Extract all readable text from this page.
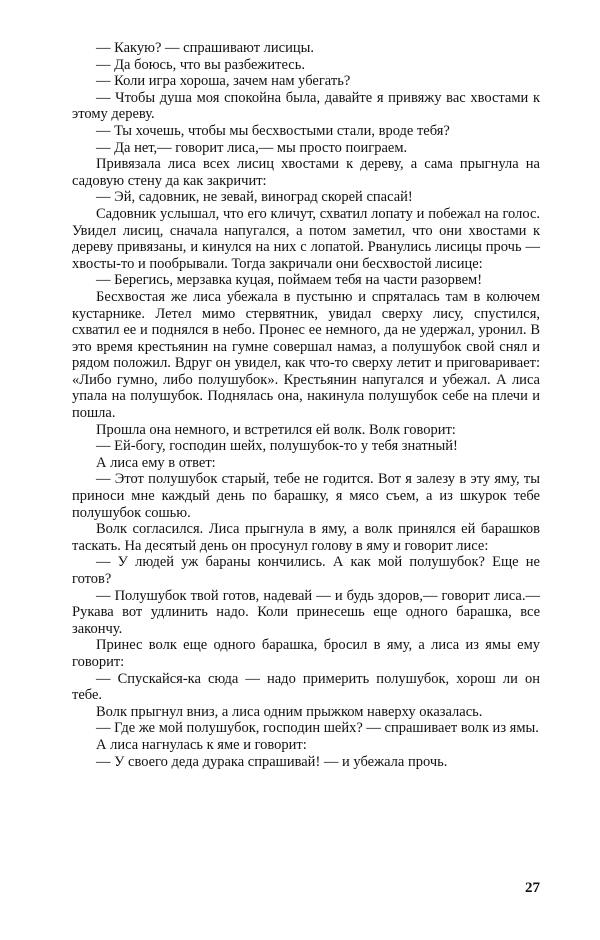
— Какую? — спрашивают лисицы.

— Да боюсь, что вы разбежитесь.

— Коли игра хороша, зачем нам убегать?

— Чтобы душа моя спокойна была, давайте я привяжу вас хвостами к этому дереву.

— Ты хочешь, чтобы мы бесхвостыми стали, вроде тебя?

— Да нет,— говорит лиса,— мы просто поиграем.

Привязала лиса всех лисиц хвостами к дереву, а сама прыгнула на садовую стену да как закричит:

— Эй, садовник, не зевай, виноград скорей спасай!

Садовник услышал, что его кличут, схватил лопату и побежал на голос. Увидел лисиц, сначала напугался, а потом заметил, что они хвостами к дереву привязаны, и кинулся на них с лопатой. Рванулись лисицы прочь — хвосты-то и пообрывали. Тогда закричали они бесхвостой лисице:

— Берегись, мерзавка куцая, поймаем тебя на части разорвем!

Бесхвостая же лиса убежала в пустыню и спряталась там в колючем кустарнике. Летел мимо стервятник, увидал сверху лису, спустился, схватил ее и поднялся в небо. Пронес ее немного, да не удержал, уронил. В это время крестьянин на гумне совершал намаз, а полушубок свой снял и рядом положил. Вдруг он увидел, как что-то сверху летит и приговаривает: «Либо гумно, либо полушубок». Крестьянин напугался и убежал. А лиса упала на полушубок. Поднялась она, накинула полушубок себе на плечи и пошла.

Прошла она немного, и встретился ей волк. Волк говорит:

— Ей-богу, господин шейх, полушубок-то у тебя знатный!

А лиса ему в ответ:

— Этот полушубок старый, тебе не годится. Вот я залезу в эту яму, ты приноси мне каждый день по барашку, я мясо съем, а из шкурок тебе полушубок сошью.

Волк согласился. Лиса прыгнула в яму, а волк принялся ей барашков таскать. На десятый день он просунул голову в яму и говорит лисе:

— У людей уж бараны кончились. А как мой полушубок? Еще не готов?

— Полушубок твой готов, надевай — и будь здоров,— говорит лиса.— Рукава вот удлинить надо. Коли принесешь еще одного барашка, все закончу.

Принес волк еще одного барашка, бросил в яму, а лиса из ямы ему говорит:

— Спускайся-ка сюда — надо примерить полушубок, хорош ли он тебе.

Волк прыгнул вниз, а лиса одним прыжком наверху оказалась.

— Где же мой полушубок, господин шейх? — спрашивает волк из ямы.

А лиса нагнулась к яме и говорит:

— У своего деда дурака спрашивай! — и убежала прочь.

27
